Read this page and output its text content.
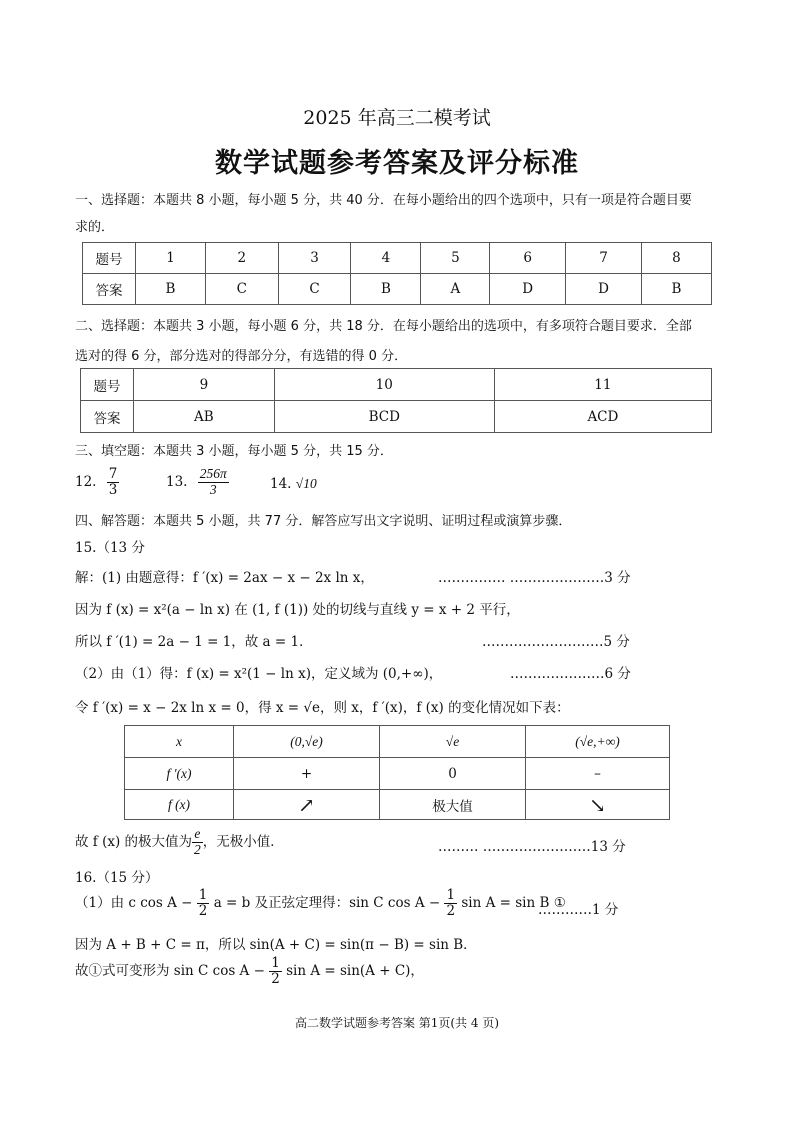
2025 年高三二模考试
数学试题参考答案及评分标准
一、选择题：本题共 8 小题，每小题 5 分，共 40 分．在每小题给出的四个选项中，只有一项是符合题目要
求的．
题号	1	2	3	4	5	6	7	8
答案	B	C	C	B	A	D	D	B
二、选择题：本题共 3 小题，每小题 6 分，共 18 分．在每小题给出的选项中，有多项符合题目要求．全部
选对的得 6 分，部分选对的得部分分，有选错的得 0 分．
题号	9	10	11
答案	AB	BCD	ACD
三、填空题：本题共 3 小题，每小题 5 分，共 15 分．
12. $\frac{7}{3}$	13. $\frac{256\pi}{3}$	14. √10
四、解答题：本题共 5 小题，共 77 分．解答应写出文字说明、证明过程或演算步骤．
15.（13 分
解：(1) 由题意得：f ′(x) = 2ax − x − 2x ln x，	…………… …………………3 分
因为 f (x) = x²(a − ln x) 在 (1, f (1)) 处的切线与直线 y = x + 2 平行，
所以 f ′(1) = 2a − 1 = 1，故 a = 1．	………………………5 分
（2）由（1）得：f (x) = x²(1 − ln x)，定义域为 (0,+∞)，	…………………6 分
令 f ′(x) = x − 2x ln x = 0，得 x = √e，则 x，f ′(x)，f (x) 的变化情况如下表：
x	(0,√e)	√e	(√e,+∞)
f ′(x)	+	0	–
f (x)	↗	极大值	↘
故 f (x) 的极大值为 $\frac{e}{2}$ ，无极小值．	……… ……………………13 分
16.（15 分）
（1）由 c $\cos A - \frac{1}{2}$ a = b 及正弦定理得：sin C $\cos A - \frac{1}{2}$ sin A = sin B ①
…………1 分
因为 A + B + C = π，所以 sin(A + C) = sin(π − B) = sin B．
故①式可变形为 sin C $\cos A - \frac{1}{2}$ sin A = sin(A + C)，
高二数学试题参考答案 第1页(共 4 页)
